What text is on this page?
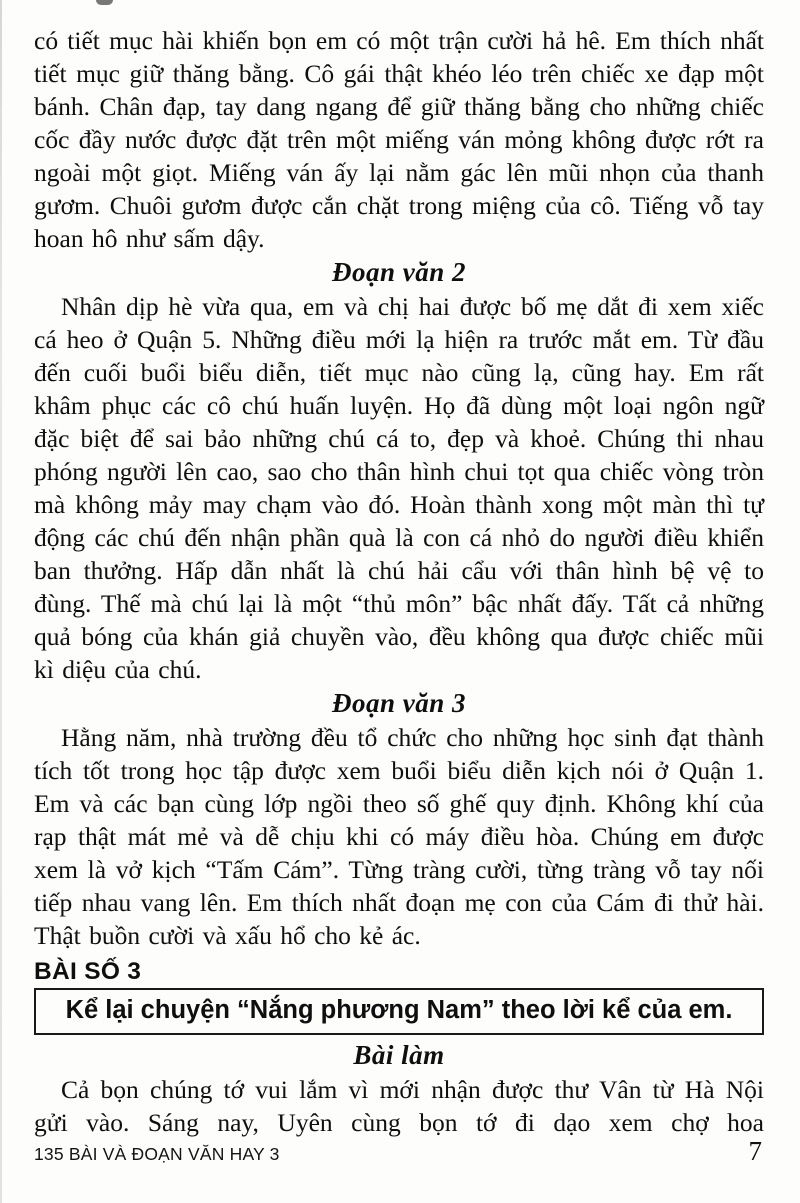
có tiết mục hài khiến bọn em có một trận cười hả hê. Em thích nhất tiết mục giữ thăng bằng. Cô gái thật khéo léo trên chiếc xe đạp một bánh. Chân đạp, tay dang ngang để giữ thăng bằng cho những chiếc cốc đầy nước được đặt trên một miếng ván mỏng không được rớt ra ngoài một giọt. Miếng ván ấy lại nằm gác lên mũi nhọn của thanh gươm. Chuôi gươm được cắn chặt trong miệng của cô. Tiếng vỗ tay hoan hô như sấm dậy.

Đoạn văn 2

Nhân dịp hè vừa qua, em và chị hai được bố mẹ dắt đi xem xiếc cá heo ở Quận 5. Những điều mới lạ hiện ra trước mắt em. Từ đầu đến cuối buổi biểu diễn, tiết mục nào cũng lạ, cũng hay. Em rất khâm phục các cô chú huấn luyện. Họ đã dùng một loại ngôn ngữ đặc biệt để sai bảo những chú cá to, đẹp và khoẻ. Chúng thi nhau phóng người lên cao, sao cho thân hình chui tọt qua chiếc vòng tròn mà không mảy may chạm vào đó. Hoàn thành xong một màn thì tự động các chú đến nhận phần quà là con cá nhỏ do người điều khiển ban thưởng. Hấp dẫn nhất là chú hải cẩu với thân hình bệ vệ to đùng. Thế mà chú lại là một “thủ môn” bậc nhất đấy. Tất cả những quả bóng của khán giả chuyền vào, đều không qua được chiếc mũi kì diệu của chú.

Đoạn văn 3

Hằng năm, nhà trường đều tổ chức cho những học sinh đạt thành tích tốt trong học tập được xem buổi biểu diễn kịch nói ở Quận 1. Em và các bạn cùng lớp ngồi theo số ghế quy định. Không khí của rạp thật mát mẻ và dễ chịu khi có máy điều hòa. Chúng em được xem là vở kịch “Tấm Cám”. Từng tràng cười, từng tràng vỗ tay nối tiếp nhau vang lên. Em thích nhất đoạn mẹ con của Cám đi thử hài. Thật buồn cười và xấu hổ cho kẻ ác.

BÀI SỐ 3
Kể lại chuyện “Nắng phương Nam” theo lời kể của em.
Bài làm

Cả bọn chúng tớ vui lắm vì mới nhận được thư Vân từ Hà Nội gửi vào. Sáng nay, Uyên cùng bọn tớ đi dạo xem chợ hoa

135 BÀI VÀ ĐOẠN VĂN HAY 3	7
